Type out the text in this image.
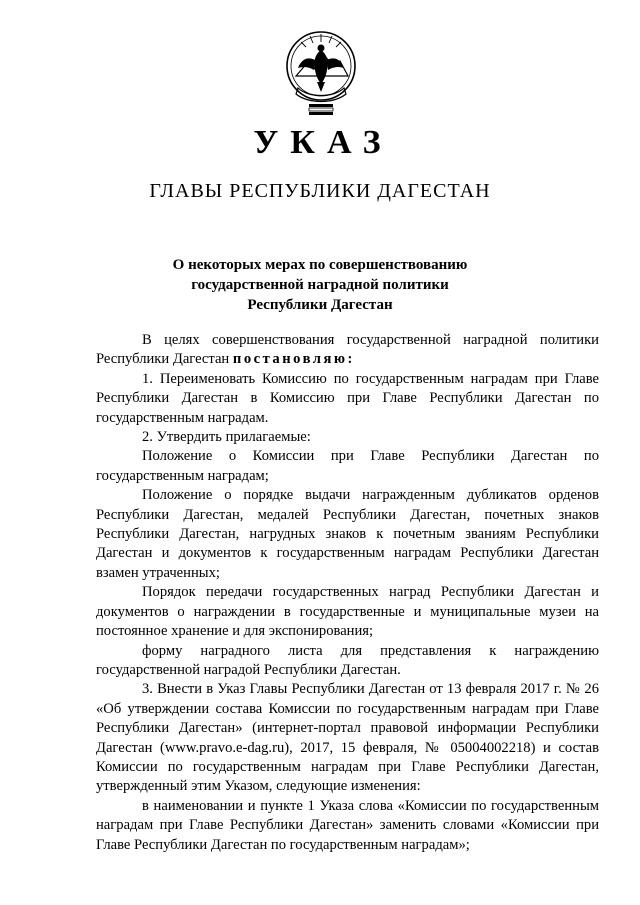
УКАЗ
ГЛАВЫ РЕСПУБЛИКИ ДАГЕСТАН
О некоторых мерах по совершенствованию
государственной наградной политики
Республики Дагестан

В целях совершенствования государственной наградной политики Республики Дагестан постановляю:

1. Переименовать Комиссию по государственным наградам при Главе Республики Дагестан в Комиссию при Главе Республики Дагестан по государственным наградам.

2. Утвердить прилагаемые:

Положение о Комиссии при Главе Республики Дагестан по государственным наградам;

Положение о порядке выдачи награжденным дубликатов орденов Республики Дагестан, медалей Республики Дагестан, почетных знаков Республики Дагестан, нагрудных знаков к почетным званиям Республики Дагестан и документов к государственным наградам Республики Дагестан взамен утраченных;

Порядок передачи государственных наград Республики Дагестан и документов о награждении в государственные и муниципальные музеи на постоянное хранение и для экспонирования;

форму наградного листа для представления к награждению государственной наградой Республики Дагестан.

3. Внести в Указ Главы Республики Дагестан от 13 февраля 2017 г. № 26 «Об утверждении состава Комиссии по государственным наградам при Главе Республики Дагестан» (интернет-портал правовой информации Республики Дагестан (www.pravo.e-dag.ru), 2017, 15 февраля, № 05004002218) и состав Комиссии по государственным наградам при Главе Республики Дагестан, утвержденный этим Указом, следующие изменения:

в наименовании и пункте 1 Указа слова «Комиссии по государственным наградам при Главе Республики Дагестан» заменить словами «Комиссии при Главе Республики Дагестан по государственным наградам»;
